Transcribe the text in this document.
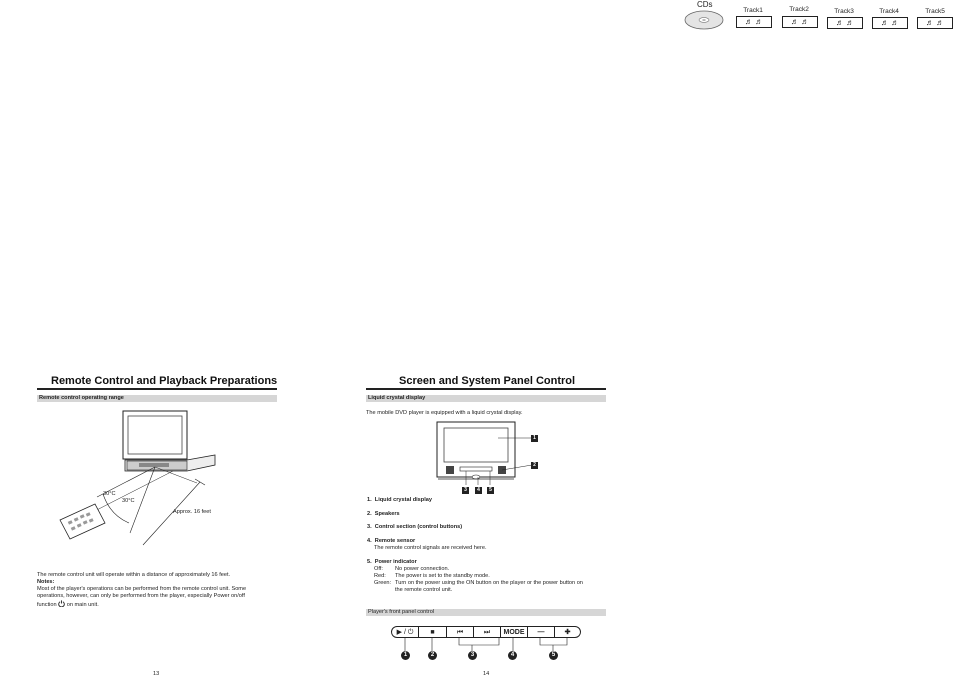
CDs
Track1
♬ ♬
Track2
♬ ♬
Track3
♬ ♬
Track4
♬ ♬
Track5
♬ ♬
Remote Control and Playback Preparations
Remote control operating range
30°C
30°C
Approx. 16 feet
The remote control unit will operate within a distance of approximately 16 feet.
Notes:
Most of the player's operations can be performed from the remote control unit. Some
operations, however, can only be performed from the player, especially Power on/off
function on main unit.
13
Screen and System Panel Control
Liquid crystal display
The mobile DVD player is equipped with a liquid crystal display.
1
2
3	4	5
1. Liquid crystal display
2. Speakers
3. Control section (control buttons)
4. Remote sensor
The remote control signals are received here.
5. Power indicator
Off: No power connection.
Red: The power is set to the standby mode.
Green: Turn on the power using the ON button on the player or the power button on
the remote control unit.
Player's front panel control
▶ / ⏻	■	⏮	⏭	MODE	—	✚
1	2	3	4	5
14
